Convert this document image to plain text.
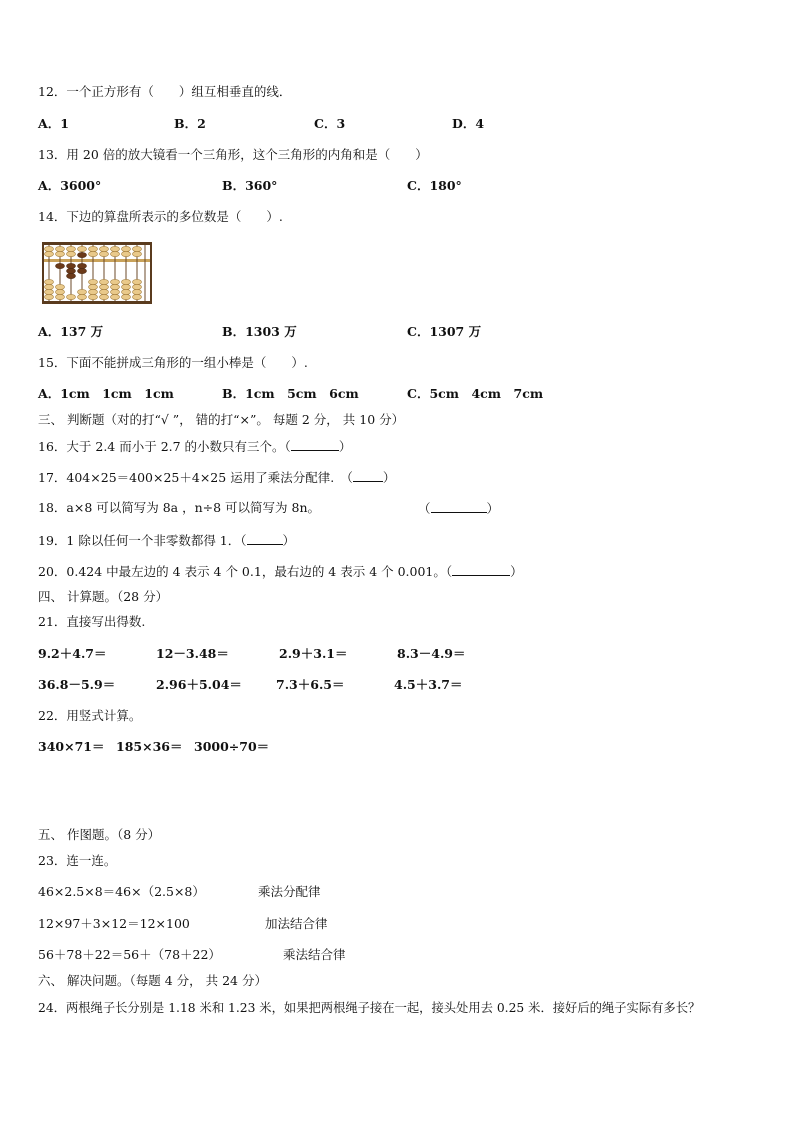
12．一个正方形有（　　）组互相垂直的线．
A．1	B．2	C．3	D．4
13．用 20 倍的放大镜看一个三角形，这个三角形的内角和是（　　）
A．3600°	B．360°	C．180°
14．下边的算盘所表示的多位数是（　　）.
A．137 万	B．1303 万	C．1307 万
15．下面不能拼成三角形的一组小棒是（　　）.
A．1cm　1cm　1cm	B．1cm　5cm　6cm	C．5cm　4cm　7cm
三、 判断题（对的打“√ ”， 错的打“×”。 每题 2 分， 共 10 分）
16．大于 2.4 而小于 2.7 的小数只有三个。（	）
17．404×25＝400×25＋4×25 运用了乘法分配律.　（ ）
18．a×8 可以简写为 8a ，n÷8 可以简写为 8n。	（	）
19．1 除以任何一个非零数都得 1．（	）
20．0.424 中最左边的 4 表示 4 个 0.1，最右边的 4 表示 4 个 0.001。（	）
四、 计算题。（28 分）
21．直接写出得数.
9.2＋4.7＝	12－3.48＝	2.9＋3.1＝	8.3－4.9＝
36.8－5.9＝	2.96＋5.04＝	7.3＋6.5＝	4.5＋3.7＝
22．用竖式计算。
340×71＝ 185×36＝ 3000÷70＝
五、 作图题。（8 分）
23．连一连。
46×2.5×8＝46×（2.5×8）	乘法分配律
12×97＋3×12＝12×100	加法结合律
56＋78＋22＝56＋（78＋22）	乘法结合律
六、 解决问题。（每题 4 分， 共 24 分）
24．两根绳子长分别是 1.18 米和 1.23 米，如果把两根绳子接在一起，接头处用去 0.25 米．接好后的绳子实际有多长？
